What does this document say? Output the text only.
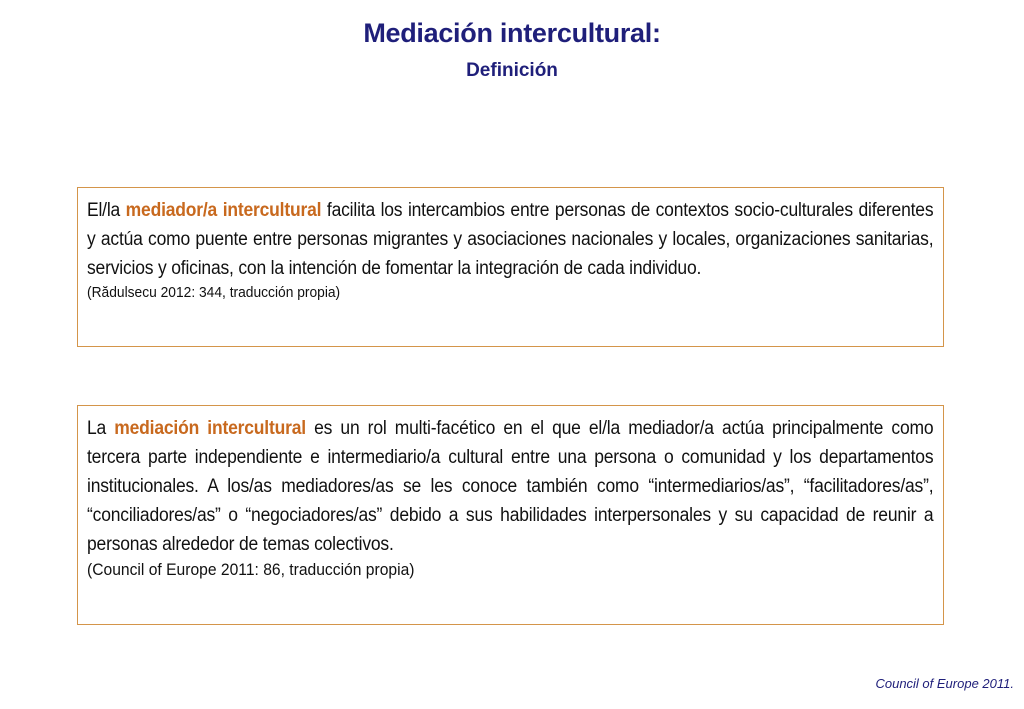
Mediación intercultural:
Definición

El/la mediador/a intercultural facilita los intercambios entre personas de contextos socio-culturales diferentes y actúa como puente entre personas migrantes y asociaciones nacionales y locales, organizaciones sanitarias, servicios y oficinas, con la intención de fomentar la integración de cada individuo.

(Rădulsecu 2012: 344, traducción propia)

La mediación intercultural es un rol multi-facético en el que el/la mediador/a actúa principalmente como tercera parte independiente e intermediario/a cultural entre una persona o comunidad y los departamentos institucionales. A los/as mediadores/as se les conoce también como “intermediarios/as”, “facilitadores/as”, “conciliadores/as” o “negociadores/as” debido a sus habilidades interpersonales y su capacidad de reunir a personas alrededor de temas colectivos.

(Council of Europe 2011: 86, traducción propia)

Council of Europe 2011.
